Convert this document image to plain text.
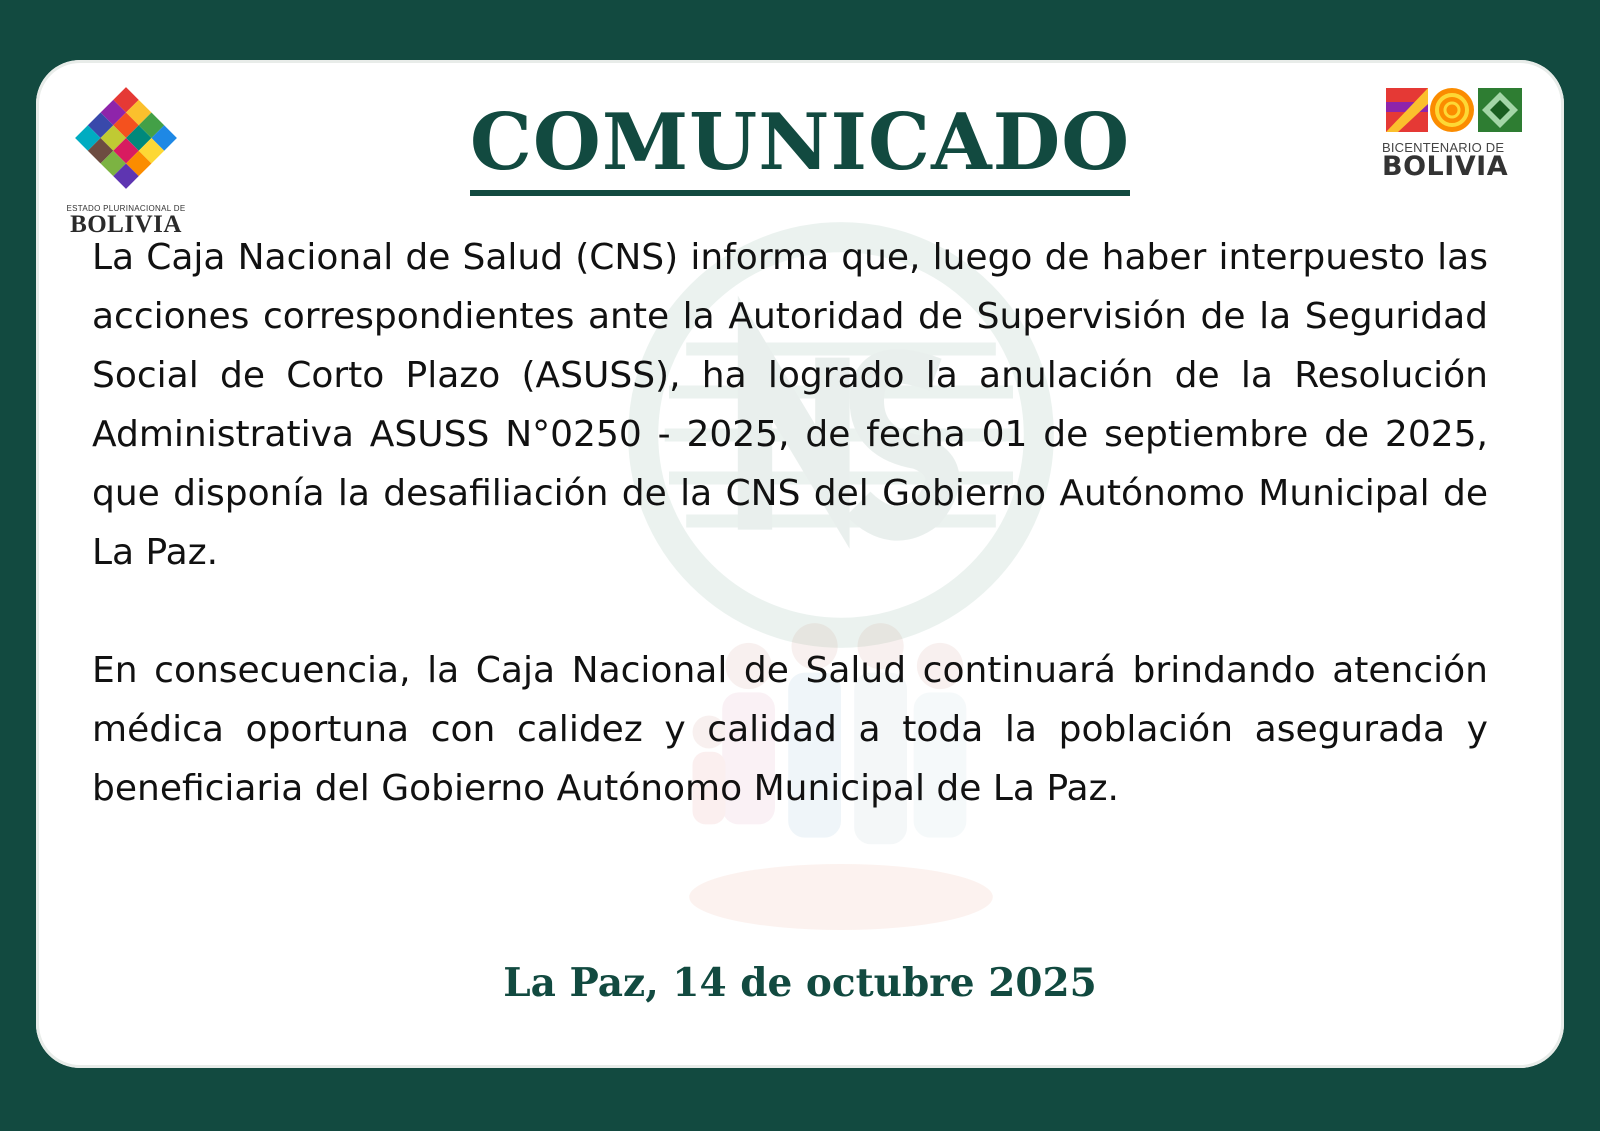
ESTADO PLURINACIONAL DE
BOLIVIA
COMUNICADO	BICENTENARIO DE
BOLIVIA

La Caja Nacional de Salud (CNS) informa que, luego de haber interpuesto las acciones correspondientes ante la Autoridad de Supervisión de la Seguridad Social de Corto Plazo (ASUSS), ha logrado la anulación de la Resolución Administrativa ASUSS N°0250 - 2025, de fecha 01 de septiembre de 2025, que disponía la desafiliación de la CNS del Gobierno Autónomo Municipal de La Paz.

En consecuencia, la Caja Nacional de Salud continuará brindando atención médica oportuna con calidez y calidad a toda la población asegurada y beneficiaria del Gobierno Autónomo Municipal de La Paz.

La Paz, 14 de octubre 2025
